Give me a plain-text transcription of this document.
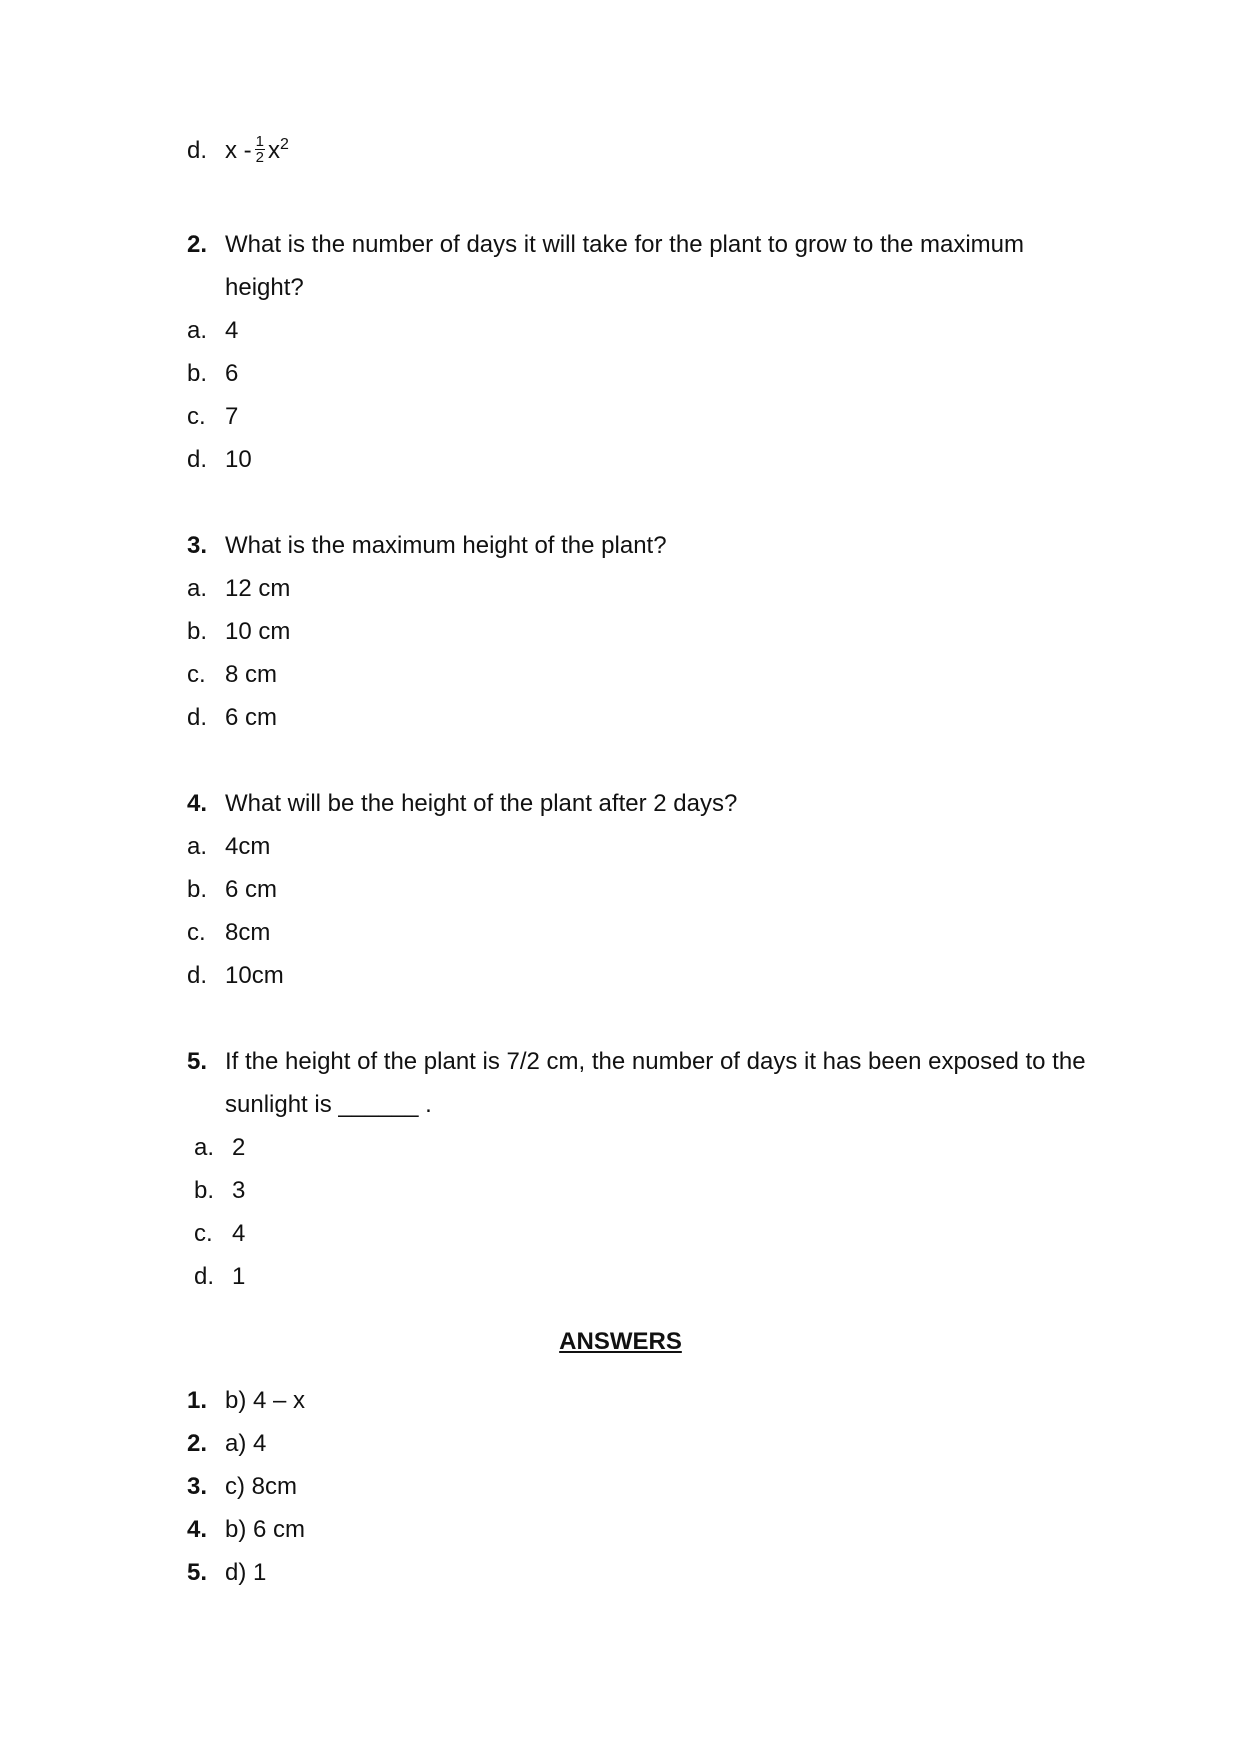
d. x - $\frac{1}{2} x^2$
2. What is the number of days it will take for the plant to grow to the maximum
height?
a. 4
b. 6
c. 7
d. 10
3. What is the maximum height of the plant?
a. 12 cm
b. 10 cm
c. 8 cm
d. 6 cm
4. What will be the height of the plant after 2 days?
a. 4cm
b. 6 cm
c. 8cm
d. 10cm
5. If the height of the plant is 7/2 cm, the number of days it has been exposed to the
sunlight is ______ .
a. 2
b. 3
c. 4
d. 1
ANSWERS
1. b) 4 – x
2. a) 4
3. c) 8cm
4. b) 6 cm
5. d) 1
